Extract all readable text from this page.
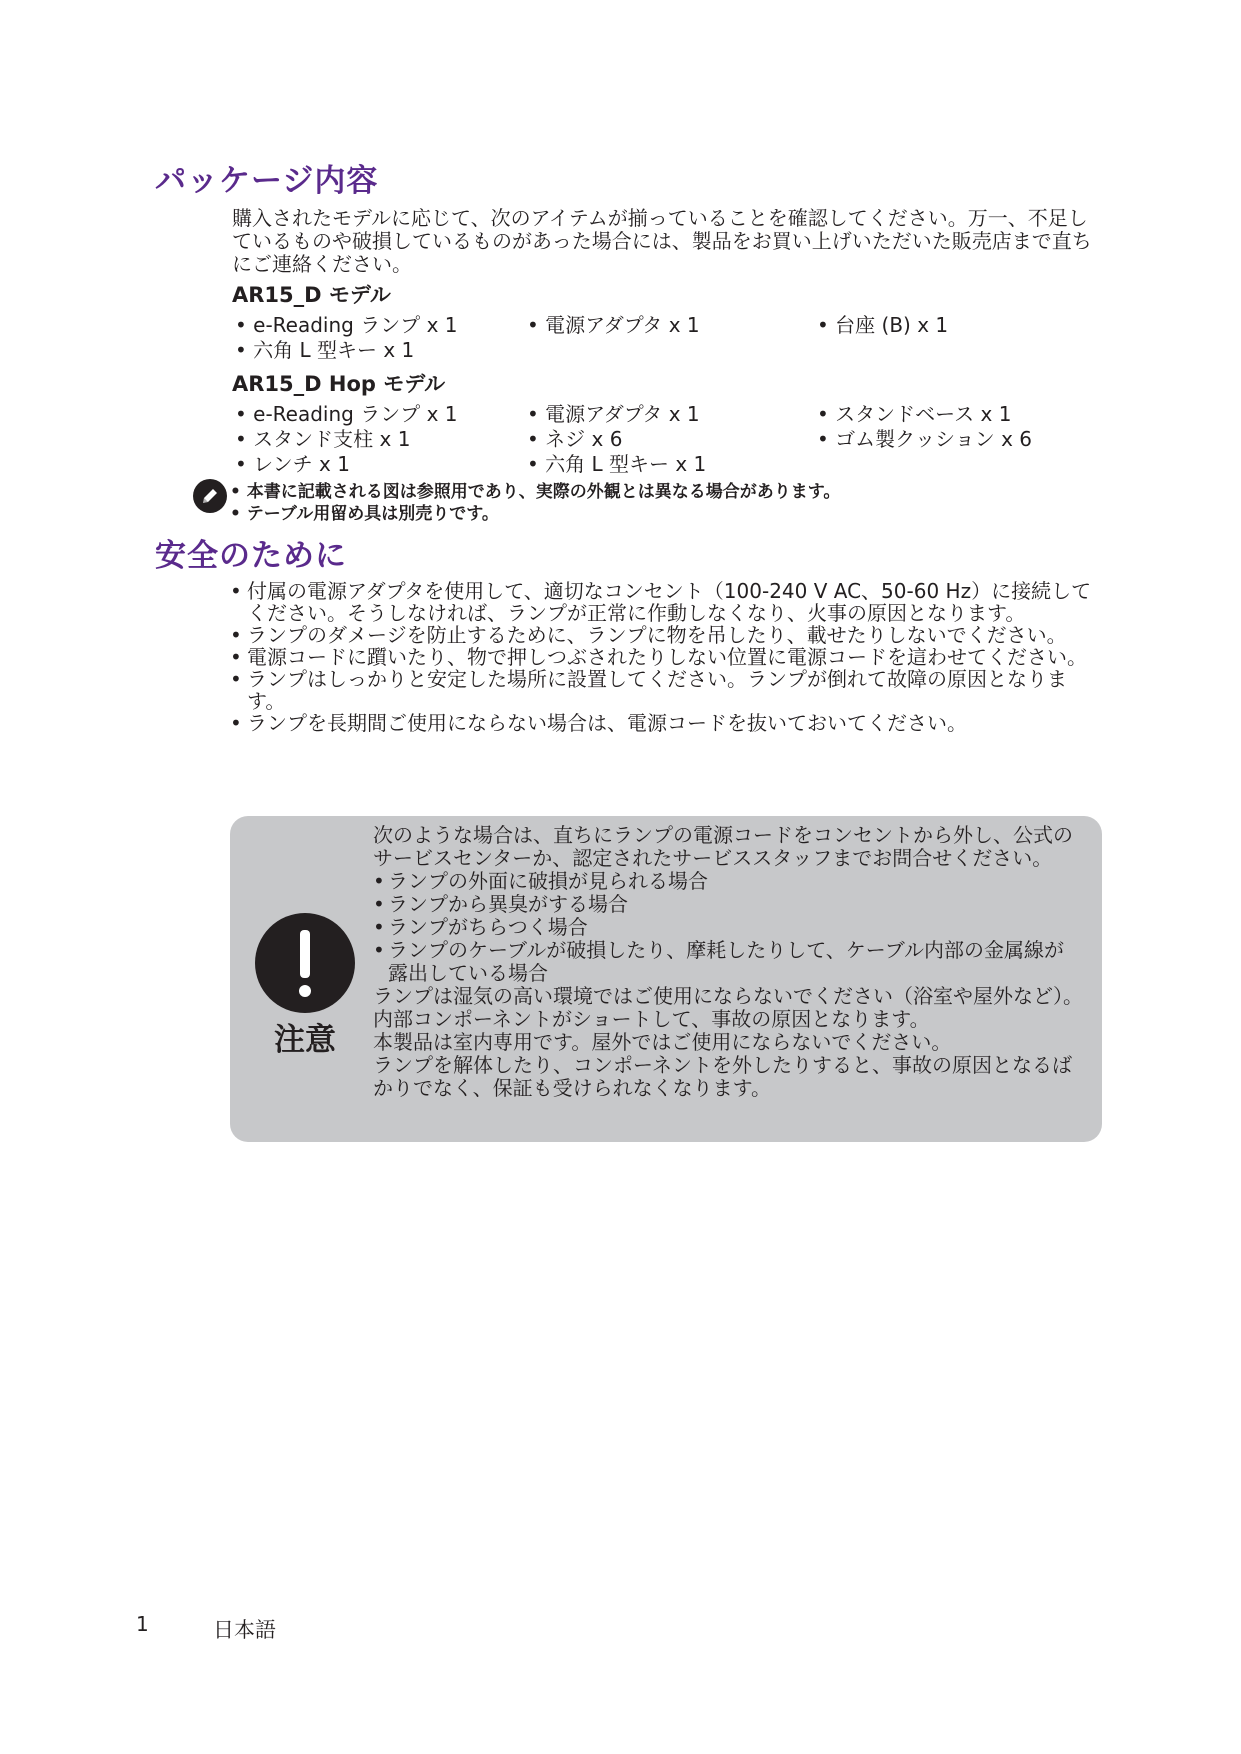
パッケージ内容

購入されたモデルに応じて、次のアイテムが揃っていることを確認してください。万一、不足しているものや破損しているものがあった場合には、製品をお買い上げいただいた販売店まで直ちにご連絡ください。

AR15_D モデル

• e-Reading ランプ x 1	• 電源アダプタ x 1	• 台座 (B) x 1
• 六角 L 型キー x 1

AR15_D Hop モデル

• e-Reading ランプ x 1	• 電源アダプタ x 1	• スタンドベース x 1
• スタンド支柱 x 1	• ネジ x 6	• ゴム製クッション x 6
• レンチ x 1	• 六角 L 型キー x 1
• 本書に記載される図は参照用であり、実際の外観とは異なる場合があります。
• テーブル用留め具は別売りです。
安全のために
• 付属の電源アダプタを使用して、適切なコンセント（100-240 V AC、50-60 Hz）に接続してください。そうしなければ、ランプが正常に作動しなくなり、火事の原因となります。
• ランプのダメージを防止するために、ランプに物を吊したり、載せたりしないでください。
• 電源コードに躓いたり、物で押しつぶされたりしない位置に電源コードを這わせてください。
• ランプはしっかりと安定した場所に設置してください。ランプが倒れて故障の原因となります。
• ランプを長期間ご使用にならない場合は、電源コードを抜いておいてください。
注意
次のような場合は、直ちにランプの電源コードをコンセントから外し、公式のサービスセンターか、認定されたサービススタッフまでお問合せください。
• ランプの外面に破損が見られる場合
• ランプから異臭がする場合
• ランプがちらつく場合
• ランプのケーブルが破損したり、摩耗したりして、ケーブル内部の金属線が露出している場合
ランプは湿気の高い環境ではご使用にならないでください（浴室や屋外など）。内部コンポーネントがショートして、事故の原因となります。
本製品は室内専用です。屋外ではご使用にならないでください。
ランプを解体したり、コンポーネントを外したりすると、事故の原因となるばかりでなく、保証も受けられなくなります。
1	日本語
